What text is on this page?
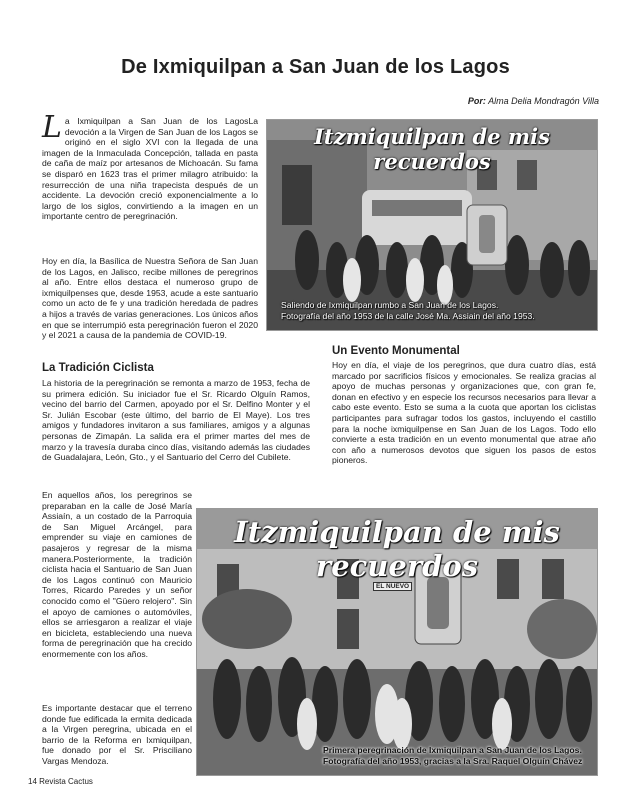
De Ixmiquilpan a San Juan de los Lagos
Por: Alma Delia Mondragón Villa

La Ixmiquilpan a San Juan de los LagosLa devoción a la Virgen de San Juan de los Lagos se originó en el siglo XVI con la llegada de una imagen de la Inmaculada Concepción, tallada en pasta de caña de maíz por artesanos de Michoacán. Su fama se disparó en 1623 tras el primer milagro atribuido: la resurrección de una niña trapecista después de un accidente. La devoción creció exponencialmente a lo largo de los siglos, convirtiendo a la imagen en un importante centro de peregrinación.

Hoy en día, la Basílica de Nuestra Señora de San Juan de los Lagos, en Jalisco, recibe millones de peregrinos al año. Entre ellos destaca el numeroso grupo de ixmiquilpenses que, desde 1953, acude a este santuario como un acto de fe y una tradición heredada de padres a hijos a través de varias generaciones. Los únicos años en que se interrumpió esta peregrinación fueron el 2020 y el 2021 a causa de la pandemia de COVID-19.

Itzmiquilpan de mis recuerdos
Saliendo de Ixmiquilpan rumbo a San Juan de los Lagos.
Fotografía del año 1953 de la calle José Ma. Assiain del año 1953.
La Tradición Ciclista

La historia de la peregrinación se remonta a marzo de 1953, fecha de su primera edición. Su iniciador fue el Sr. Ricardo Olguín Ramos, vecino del barrio del Carmen, apoyado por el Sr. Delfino Monter y el Sr. Julián Escobar (este último, del barrio de El Maye). Los tres amigos y fundadores invitaron a sus familiares, amigos y a algunas personas de Zimapán. La salida era el primer martes del mes de marzo y la travesía duraba cinco días, visitando además las ciudades de Guadalajara, León, Gto., y el Santuario del Cerro del Cubilete.

En aquellos años, los peregrinos se preparaban en la calle de José María Assiaín, a un costado de la Parroquia de San Miguel Arcángel, para emprender su viaje en camiones de pasajeros y regresar de la misma manera.Posteriormente, la tradición ciclista hacia el Santuario de San Juan de los Lagos continuó con Mauricio Torres, Ricardo Paredes y un señor conocido como el "Güero relojero". Sin el apoyo de camiones o automóviles, ellos se arriesgaron a realizar el viaje en bicicleta, estableciendo una nueva forma de peregrinación que ha crecido enormemente con los años.

Es importante destacar que el terreno donde fue edificada la ermita dedicada a la Virgen peregrina, ubicada en el barrio de la Reforma en Ixmiquilpan, fue donado por el Sr. Prisciliano Vargas Mendoza.

Un Evento Monumental

Hoy en día, el viaje de los peregrinos, que dura cuatro días, está marcado por sacrificios físicos y emocionales. Se realiza gracias al apoyo de muchas personas y organizaciones que, con gran fe, donan en efectivo y en especie los recursos necesarios para llevar a cabo este evento. Esto se suma a la cuota que aportan los ciclistas participantes para sufragar todos los gastos, incluyendo el castillo para la noche ixmiquilpense en San Juan de los Lagos. Todo ello convierte a esta tradición en un evento monumental que atrae año con año a numerosos devotos que siguen los pasos de estos pioneros.

EL NUEVO
Itzmiquilpan de mis recuerdos
Primera peregrinación de Ixmiquilpan a San Juan de los Lagos.
Fotografía del año 1953, gracias a la Sra. Raquel Olguín Chávez
14 Revista Cactus
